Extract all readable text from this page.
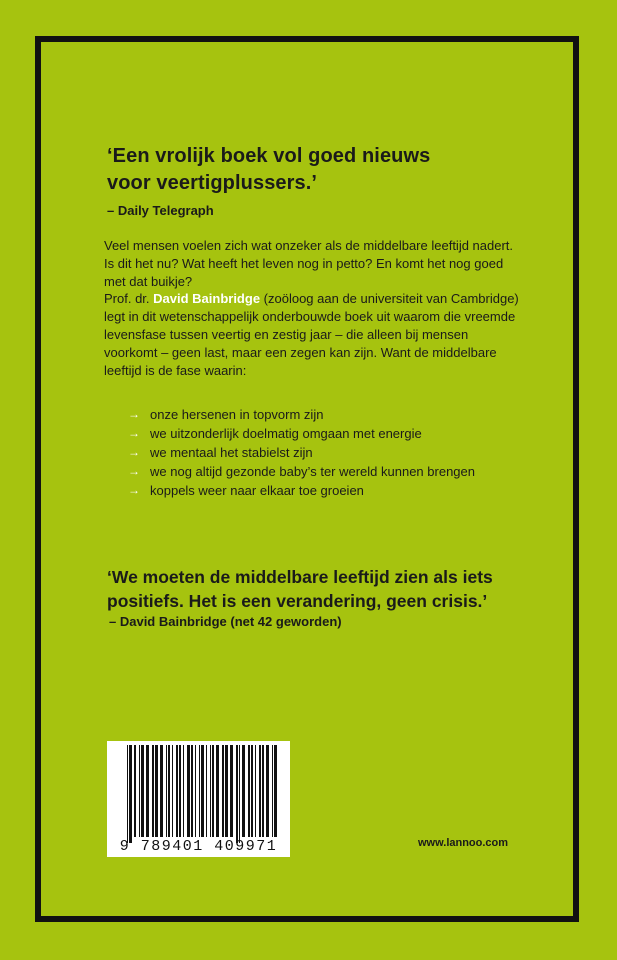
‘Een vrolijk boek vol goed nieuws
voor veertigplussers.’
– Daily Telegraph

Veel mensen voelen zich wat onzeker als de middelbare leeftijd nadert. Is dit het nu? Wat heeft het leven nog in petto? En komt het nog goed met dat buikje?

Prof. dr. David Bainbridge (zoöloog aan de universiteit van Cambridge) legt in dit wetenschappelijk onderbouwde boek uit waarom die vreemde levensfase tussen veertig en zestig jaar – die alleen bij mensen voorkomt – geen last, maar een zegen kan zijn. Want de middelbare leeftijd is de fase waarin:

→ onze hersenen in topvorm zijn
→ we uitzonderlijk doelmatig omgaan met energie
→ we mentaal het stabielst zijn
→ we nog altijd gezonde baby’s ter wereld kunnen brengen
→ koppels weer naar elkaar toe groeien
‘We moeten de middelbare leeftijd zien als iets
positiefs. Het is een verandering, geen crisis.’
– David Bainbridge (net 42 geworden)
9 789401 409971	www.lannoo.com
